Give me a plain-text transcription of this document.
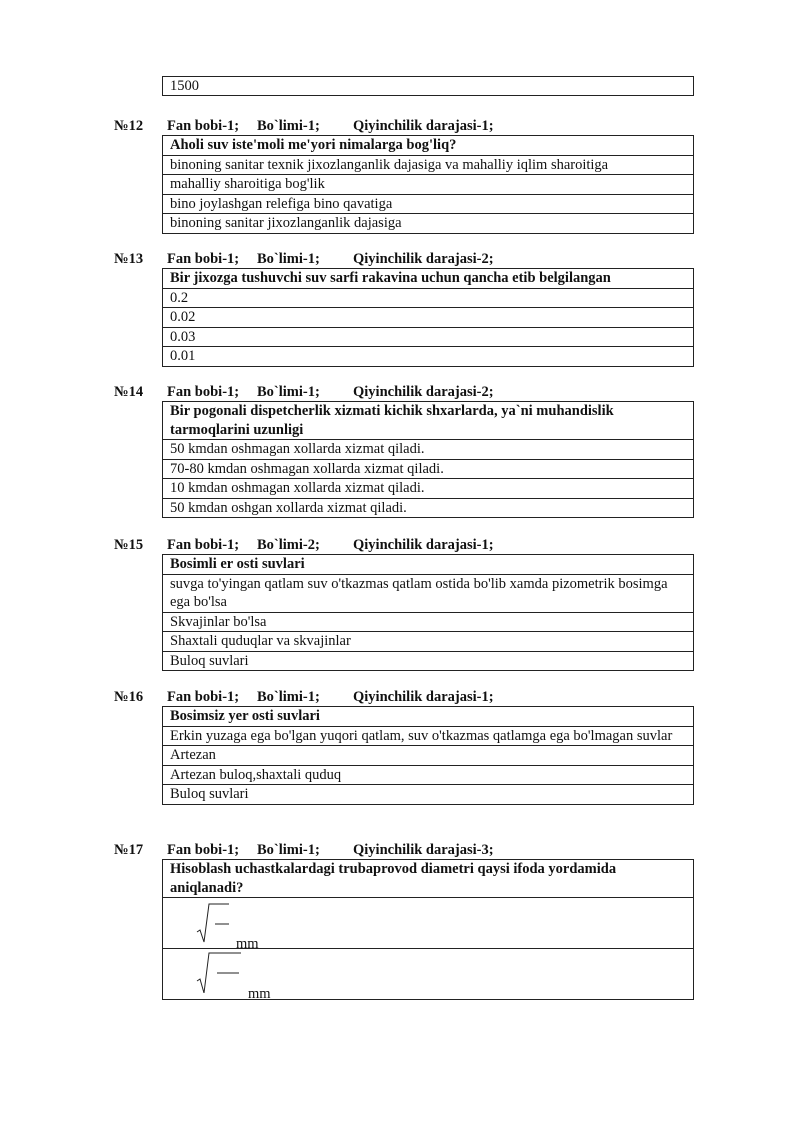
1500
№12 Fan bobi-1; Bo`limi-1; Qiyinchilik darajasi-1;
Aholi suv iste'moli me'yori nimalarga bog'liq?
binoning sanitar texnik jixozlanganlik dajasiga va mahalliy iqlim sharoitiga
mahalliy sharoitiga bog'lik
bino joylashgan relefiga bino qavatiga
binoning sanitar jixozlanganlik dajasiga
№13 Fan bobi-1; Bo`limi-1; Qiyinchilik darajasi-2;
Bir jixozga tushuvchi suv sarfi rakavina uchun qancha etib belgilangan
0.2
0.02
0.03
0.01
№14 Fan bobi-1; Bo`limi-1; Qiyinchilik darajasi-2;
Bir pogonali dispetcherlik xizmati kichik shxarlarda, ya`ni muhandislik tarmoqlarini uzunligi
50 kmdan oshmagan xollarda xizmat qiladi.
70-80 kmdan oshmagan xollarda xizmat qiladi.
10 kmdan oshmagan xollarda xizmat qiladi.
50 kmdan oshgan xollarda xizmat qiladi.
№15 Fan bobi-1; Bo`limi-2; Qiyinchilik darajasi-1;
Bosimli er osti suvlari
suvga to'yingan qatlam suv o'tkazmas qatlam ostida bo'lib xamda pizometrik bosimga ega bo'lsa
Skvajinlar bo'lsa
Shaxtali quduqlar va skvajinlar
Buloq suvlari
№16 Fan bobi-1; Bo`limi-1; Qiyinchilik darajasi-1;
Bosimsiz yer osti suvlari
Erkin yuzaga ega bo'lgan yuqori qatlam, suv o'tkazmas qatlamga ega bo'lmagan suvlar
Artezan
Artezan buloq,shaxtali quduq
Buloq suvlari
№17 Fan bobi-1; Bo`limi-1; Qiyinchilik darajasi-3;
Hisoblash uchastkalardagi trubaprovod diametri qaysi ifoda yordamida aniqlanadi?

mm

mm
